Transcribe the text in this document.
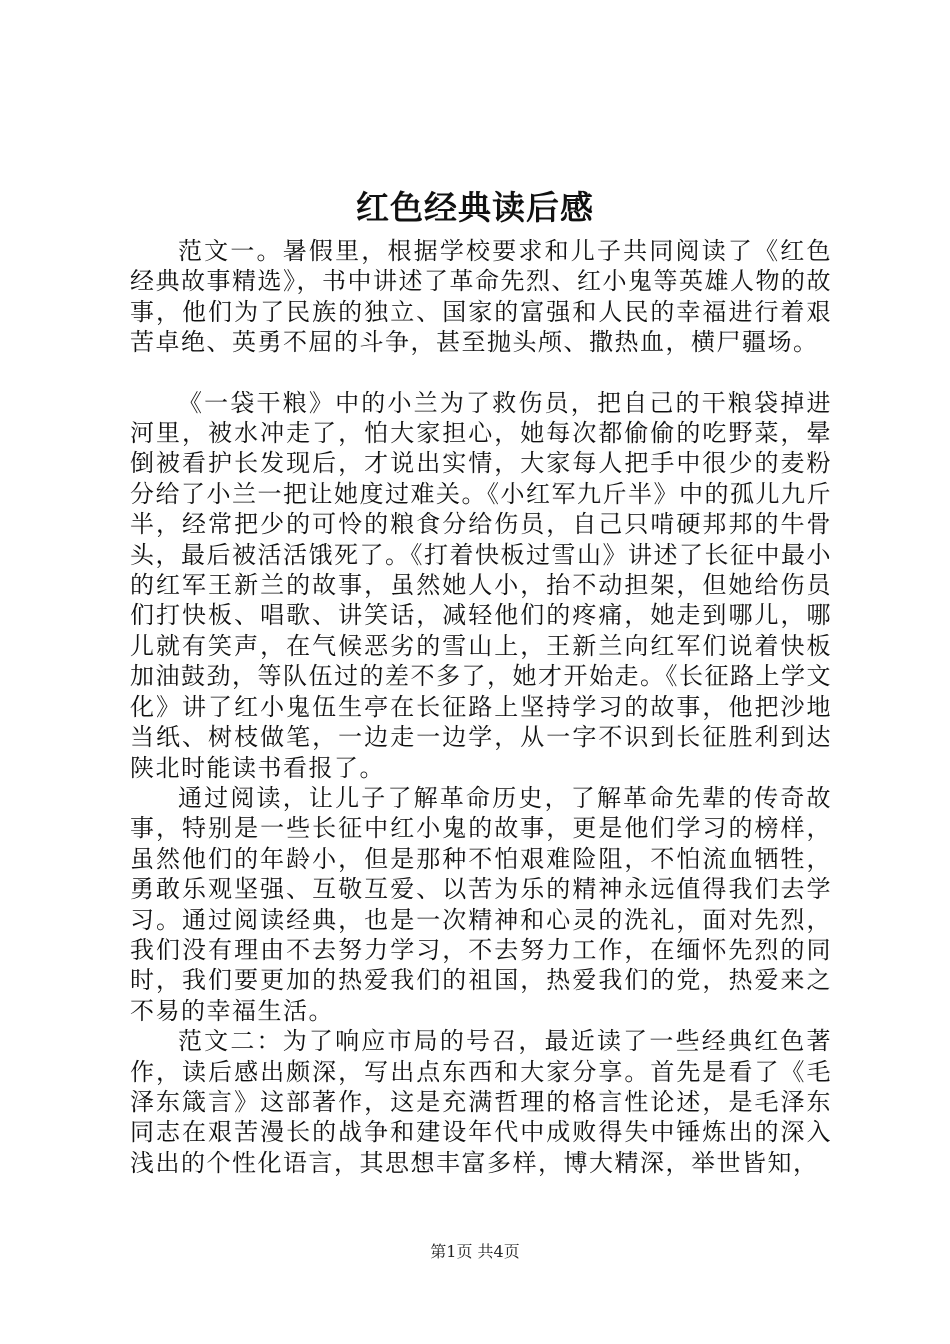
红色经典读后感

范文一。暑假里，根据学校要求和儿子共同阅读了《红色经典故事精选》，书中讲述了革命先烈、红小鬼等英雄人物的故事，他们为了民族的独立、国家的富强和人民的幸福进行着艰苦卓绝、英勇不屈的斗争，甚至抛头颅、撒热血，横尸疆场。

《一袋干粮》中的小兰为了救伤员，把自己的干粮袋掉进河里，被水冲走了，怕大家担心，她每次都偷偷的吃野菜，晕倒被看护长发现后，才说出实情，大家每人把手中很少的麦粉分给了小兰一把让她度过难关。《小红军九斤半》中的孤儿九斤半，经常把少的可怜的粮食分给伤员，自己只啃硬邦邦的牛骨头，最后被活活饿死了。《打着快板过雪山》讲述了长征中最小的红军王新兰的故事，虽然她人小，抬不动担架，但她给伤员们打快板、唱歌、讲笑话，减轻他们的疼痛，她走到哪儿，哪儿就有笑声，在气候恶劣的雪山上，王新兰向红军们说着快板加油鼓劲，等队伍过的差不多了，她才开始走。《长征路上学文化》讲了红小鬼伍生亭在长征路上坚持学习的故事，他把沙地当纸、树枝做笔，一边走一边学，从一字不识到长征胜利到达陕北时能读书看报了。

通过阅读，让儿子了解革命历史，了解革命先辈的传奇故事，特别是一些长征中红小鬼的故事，更是他们学习的榜样，虽然他们的年龄小，但是那种不怕艰难险阻，不怕流血牺牲，勇敢乐观坚强、互敬互爱、以苦为乐的精神永远值得我们去学习。通过阅读经典，也是一次精神和心灵的洗礼，面对先烈，我们没有理由不去努力学习，不去努力工作，在缅怀先烈的同时，我们要更加的热爱我们的祖国，热爱我们的党，热爱来之不易的幸福生活。

范文二：为了响应市局的号召，最近读了一些经典红色著作，读后感出颇深，写出点东西和大家分享。首先是看了《毛泽东箴言》这部著作，这是充满哲理的格言性论述，是毛泽东同志在艰苦漫长的战争和建设年代中成败得失中锤炼出的深入浅出的个性化语言，其思想丰富多样，博大精深，举世皆知，

第1页 共4页
